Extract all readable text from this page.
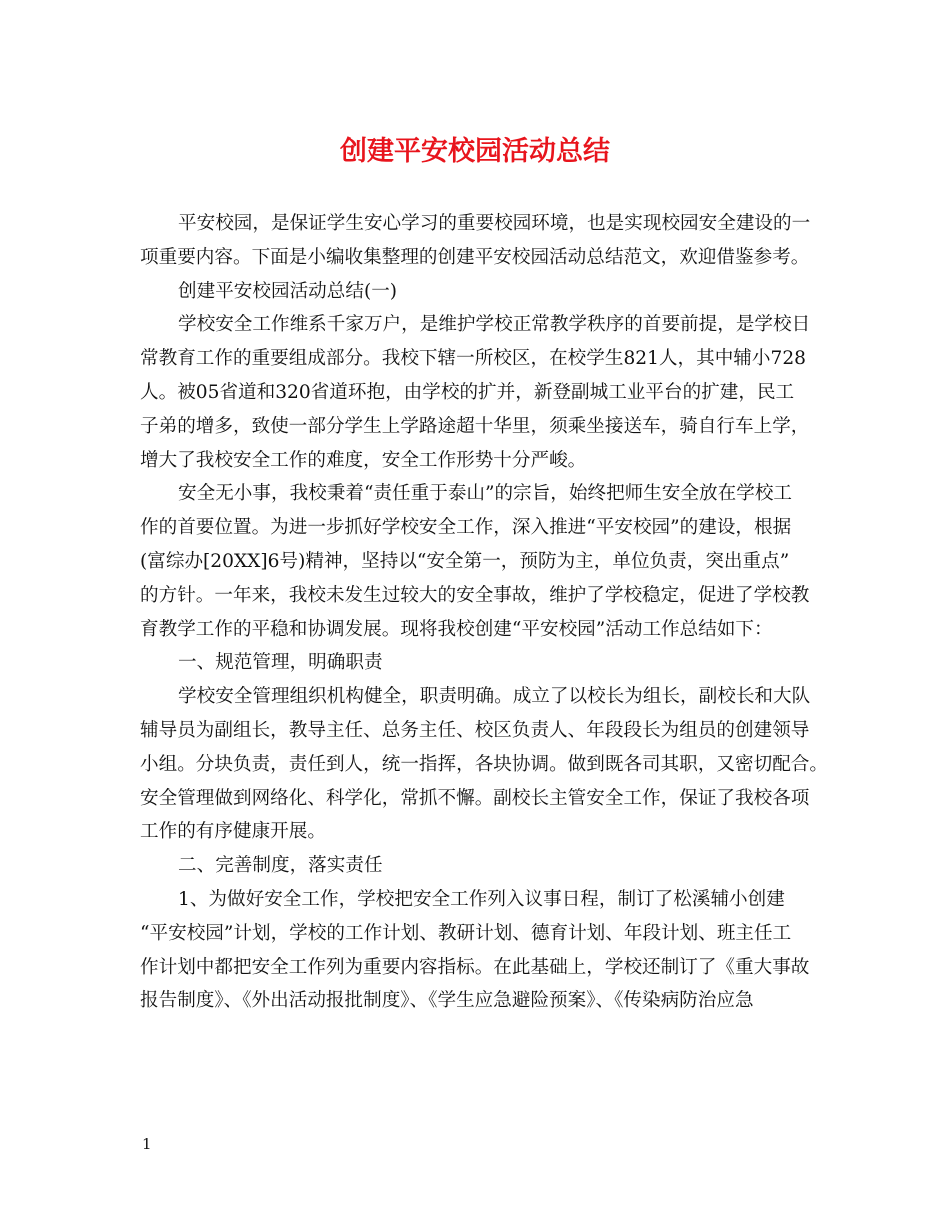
创建平安校园活动总结
平安校园，是保证学生安心学习的重要校园环境，也是实现校园安全建设的一
项重要内容。下面是小编收集整理的创建平安校园活动总结范文，欢迎借鉴参考。
创建平安校园活动总结(一)
学校安全工作维系千家万户，是维护学校正常教学秩序的首要前提，是学校日
常教育工作的重要组成部分。我校下辖一所校区，在校学生821人，其中辅小728
人。被05省道和320省道环抱，由学校的扩并，新登副城工业平台的扩建，民工
子弟的增多，致使一部分学生上学路途超十华里，须乘坐接送车，骑自行车上学，
增大了我校安全工作的难度，安全工作形势十分严峻。
安全无小事，我校秉着“责任重于泰山”的宗旨，始终把师生安全放在学校工
作的首要位置。为进一步抓好学校安全工作，深入推进“平安校园”的建设，根据
(富综办[20XX]6号)精神，坚持以“安全第一，预防为主，单位负责，突出重点”
的方针。一年来，我校未发生过较大的安全事故，维护了学校稳定，促进了学校教
育教学工作的平稳和协调发展。现将我校创建“平安校园”活动工作总结如下：
一、规范管理，明确职责
学校安全管理组织机构健全，职责明确。成立了以校长为组长，副校长和大队
辅导员为副组长，教导主任、总务主任、校区负责人、年段段长为组员的创建领导
小组。分块负责，责任到人，统一指挥，各块协调。做到既各司其职，又密切配合。
安全管理做到网络化、科学化，常抓不懈。副校长主管安全工作，保证了我校各项
工作的有序健康开展。
二、完善制度，落实责任
1、为做好安全工作，学校把安全工作列入议事日程，制订了松溪辅小创建
“平安校园”计划，学校的工作计划、教研计划、德育计划、年段计划、班主任工
作计划中都把安全工作列为重要内容指标。在此基础上，学校还制订了《重大事故
报告制度》、《外出活动报批制度》、《学生应急避险预案》、《传染病防治应急
1
